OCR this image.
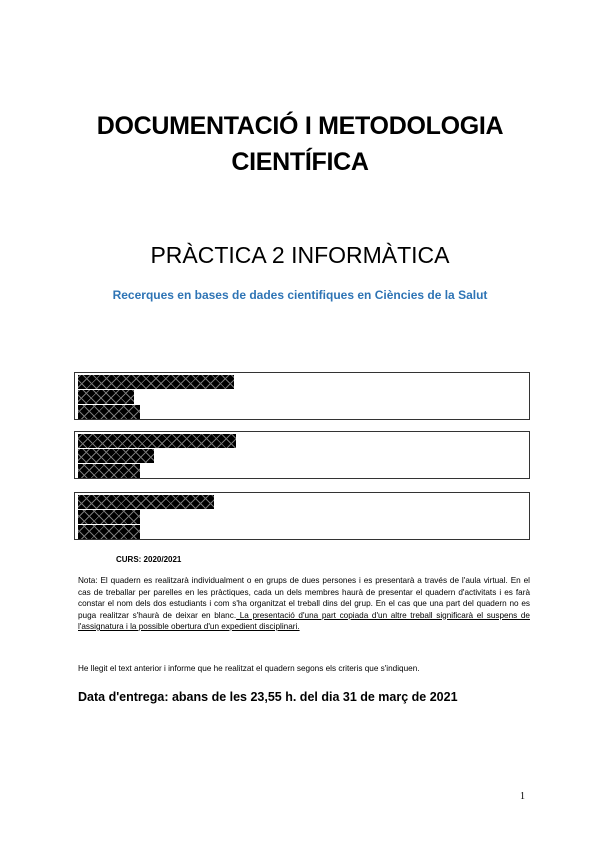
DOCUMENTACIÓ I METODOLOGIA CIENTÍFICA
PRÀCTICA 2 INFORMÀTICA
Recerques en bases de dades cientifiques en Ciències de la Salut
CURS: 2020/2021
Nota: El quadern es realitzarà individualment o en grups de dues persones i es presentarà a través de l'aula virtual. En el cas de treballar per parelles en les pràctiques, cada un dels membres haurà de presentar el quadern d'activitats i es farà constar el nom dels dos estudiants i com s'ha organitzat el treball dins del grup. En el cas que una part del quadern no es puga realitzar s'haurà de deixar en blanc. La presentació d'una part copiada d'un altre treball significarà el suspens de l'assignatura i la possible obertura d'un expedient disciplinari.
He llegit el text anterior i informe que he realitzat el quadern segons els criteris que s'indiquen.
Data d'entrega: abans de les 23,55 h. del dia 31 de març de 2021
1
